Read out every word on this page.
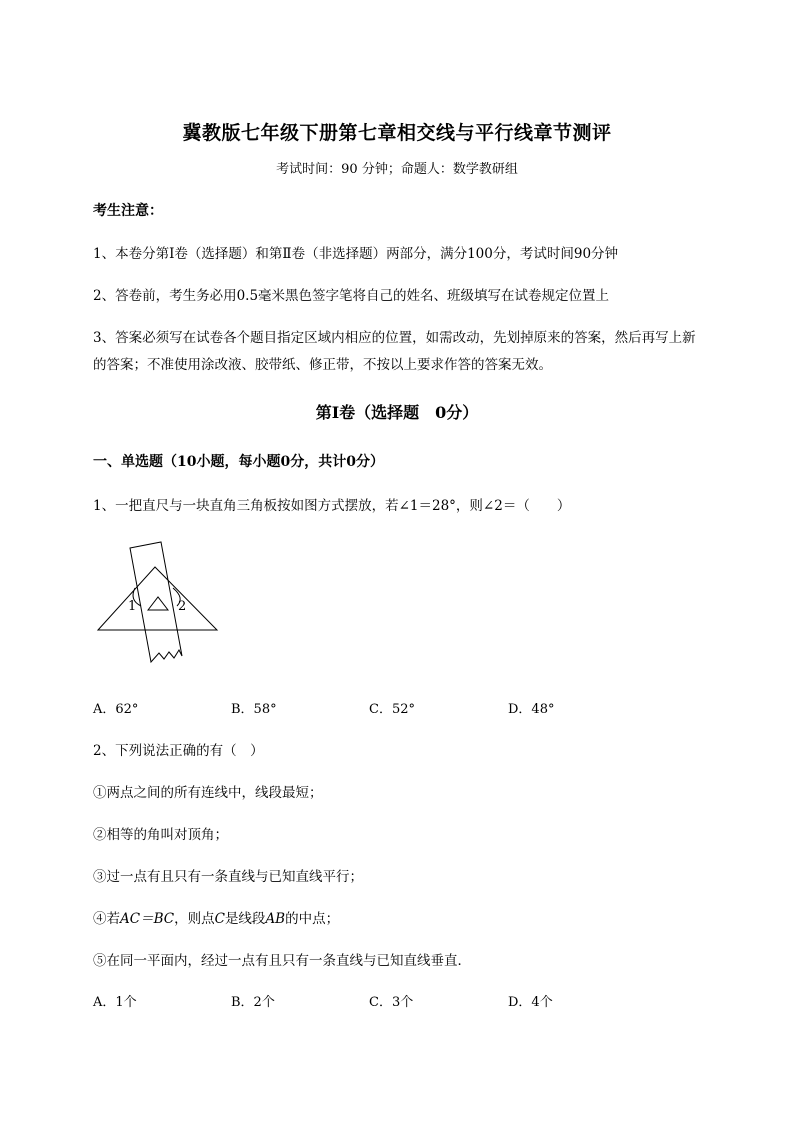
冀教版七年级下册第七章相交线与平行线章节测评
考试时间：90 分钟；命题人：数学教研组
考生注意：
1、本卷分第Ⅰ卷（选择题）和第Ⅱ卷（非选择题）两部分，满分100分，考试时间90分钟
2、答卷前，考生务必用0.5毫米黑色签字笔将自己的姓名、班级填写在试卷规定位置上
3、答案必须写在试卷各个题目指定区域内相应的位置，如需改动，先划掉原来的答案，然后再写上新
的答案；不准使用涂改液、胶带纸、修正带，不按以上要求作答的答案无效。
第Ⅰ卷（选择题　0分）
一、单选题（10小题，每小题0分，共计0分）
1、一把直尺与一块直角三角板按如图方式摆放，若∠1＝28°，则∠2＝（　　）
1	2
A．62°	B．58°	C．52°	D．48°
2、下列说法正确的有（　）
①两点之间的所有连线中，线段最短；
②相等的角叫对顶角；
③过一点有且只有一条直线与已知直线平行；
④若AC＝BC，则点C是线段AB的中点；
⑤在同一平面内，经过一点有且只有一条直线与已知直线垂直．
A．1个	B．2个	C．3个	D．4个
